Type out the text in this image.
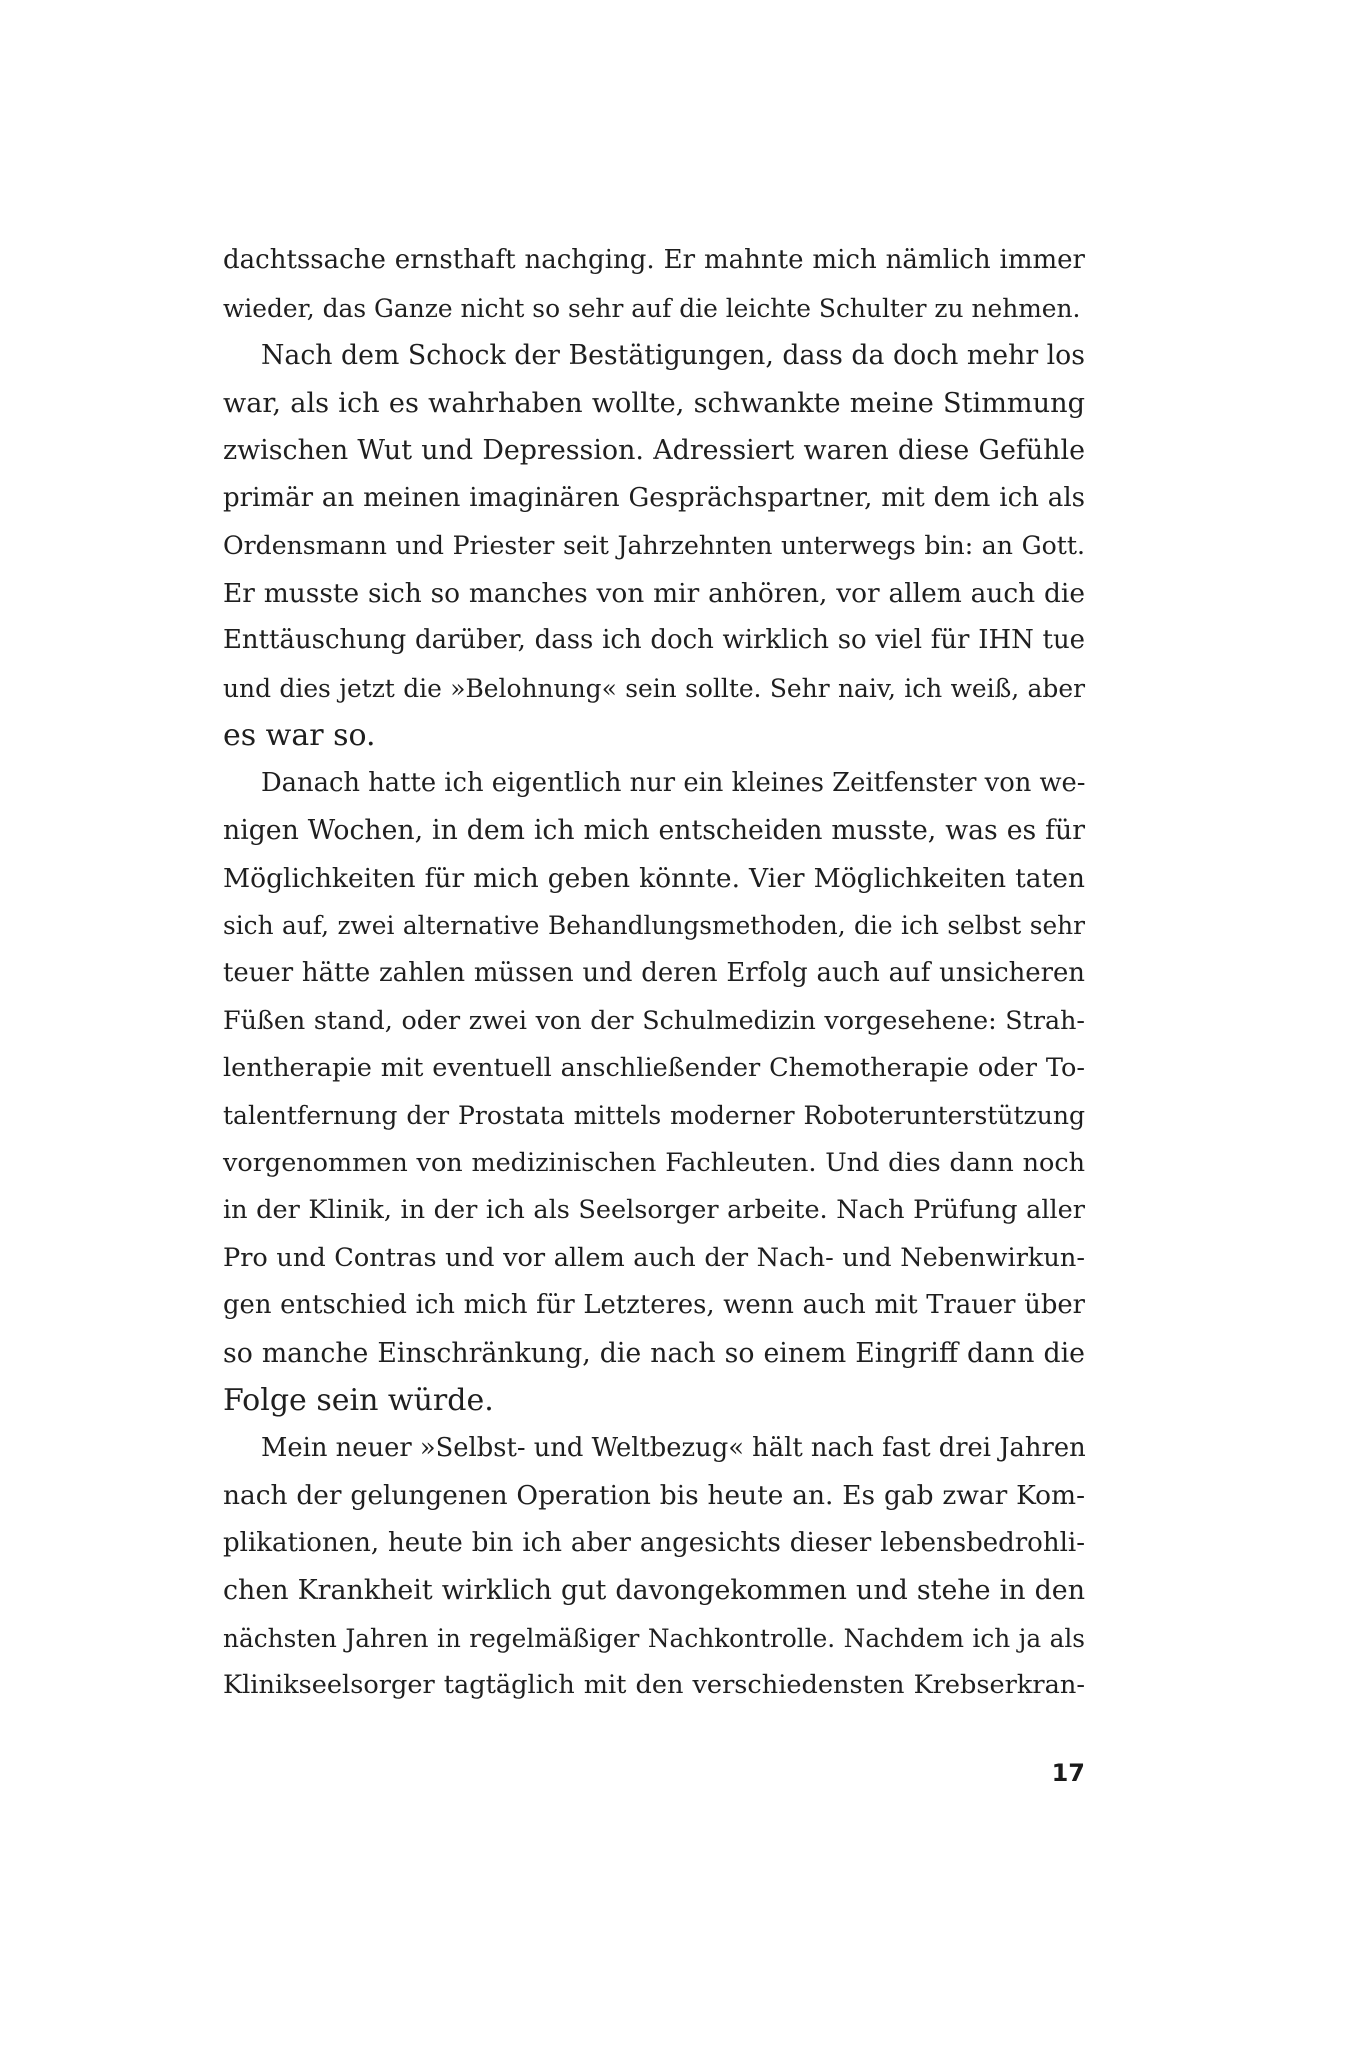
dachtssache ernsthaft nachging. Er mahnte mich nämlich immer
wieder, das Ganze nicht so sehr auf die leichte Schulter zu nehmen.
Nach dem Schock der Bestätigungen, dass da doch mehr los
war, als ich es wahrhaben wollte, schwankte meine Stimmung
zwischen Wut und Depression. Adressiert waren diese Gefühle
primär an meinen imaginären Gesprächspartner, mit dem ich als
Ordensmann und Priester seit Jahrzehnten unterwegs bin: an Gott.
Er musste sich so manches von mir anhören, vor allem auch die
Enttäuschung darüber, dass ich doch wirklich so viel für IHN tue
und dies jetzt die »Belohnung« sein sollte. Sehr naiv, ich weiß, aber
es war so.
Danach hatte ich eigentlich nur ein kleines Zeitfenster von we-
nigen Wochen, in dem ich mich entscheiden musste, was es für
Möglichkeiten für mich geben könnte. Vier Möglichkeiten taten
sich auf, zwei alternative Behandlungsmethoden, die ich selbst sehr
teuer hätte zahlen müssen und deren Erfolg auch auf unsicheren
Füßen stand, oder zwei von der Schulmedizin vorgesehene: Strah-
lentherapie mit eventuell anschließender Chemotherapie oder To-
talentfernung der Prostata mittels moderner Roboterunterstützung
vorgenommen von medizinischen Fachleuten. Und dies dann noch
in der Klinik, in der ich als Seelsorger arbeite. Nach Prüfung aller
Pro und Contras und vor allem auch der Nach- und Nebenwirkun-
gen entschied ich mich für Letzteres, wenn auch mit Trauer über
so manche Einschränkung, die nach so einem Eingriff dann die
Folge sein würde.
Mein neuer »Selbst- und Weltbezug« hält nach fast drei Jahren
nach der gelungenen Operation bis heute an. Es gab zwar Kom-
plikationen, heute bin ich aber angesichts dieser lebensbedrohli-
chen Krankheit wirklich gut davongekommen und stehe in den
nächsten Jahren in regelmäßiger Nachkontrolle. Nachdem ich ja als
Klinikseelsorger tagtäglich mit den verschiedensten Krebserkran-
17
